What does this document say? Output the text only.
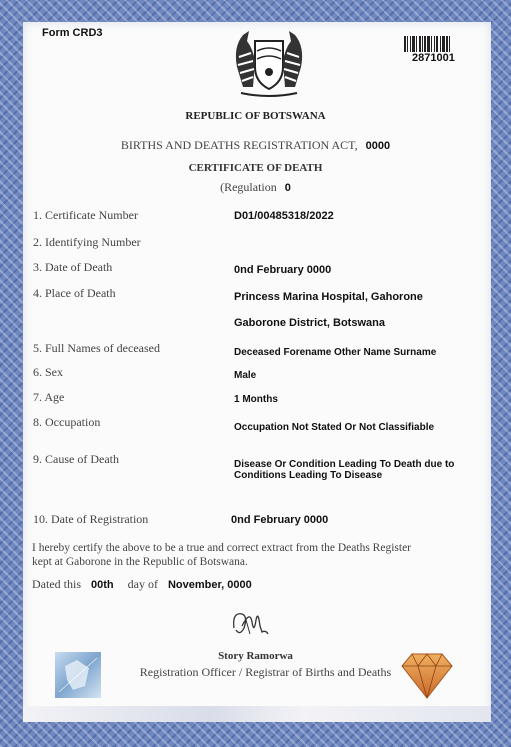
Form CRD3
2871001
REPUBLIC OF BOTSWANA
BIRTHS AND DEATHS REGISTRATION ACT, 0000
CERTIFICATE OF DEATH
(Regulation 0
1. Certificate Number	D01/00485318/2022
2. Identifying Number
3. Date of Death	0nd February 0000
4. Place of Death	Princess Marina Hospital, Gahorone
Gaborone District, Botswana
5. Full Names of deceased	Deceased Forename Other Name Surname
6. Sex	Male
7. Age	1 Months
8. Occupation	Occupation Not Stated Or Not Classifiable
9. Cause of Death	Disease Or Condition Leading To Death due to
Conditions Leading To Disease
10. Date of Registration	0nd February 0000
I hereby certify the above to be a true and correct extract from the Deaths Register
kept at Gaborone in the Republic of Botswana.
Dated this 00th day of November, 0000
Story Ramorwa
Registration Officer / Registrar of Births and Deaths
